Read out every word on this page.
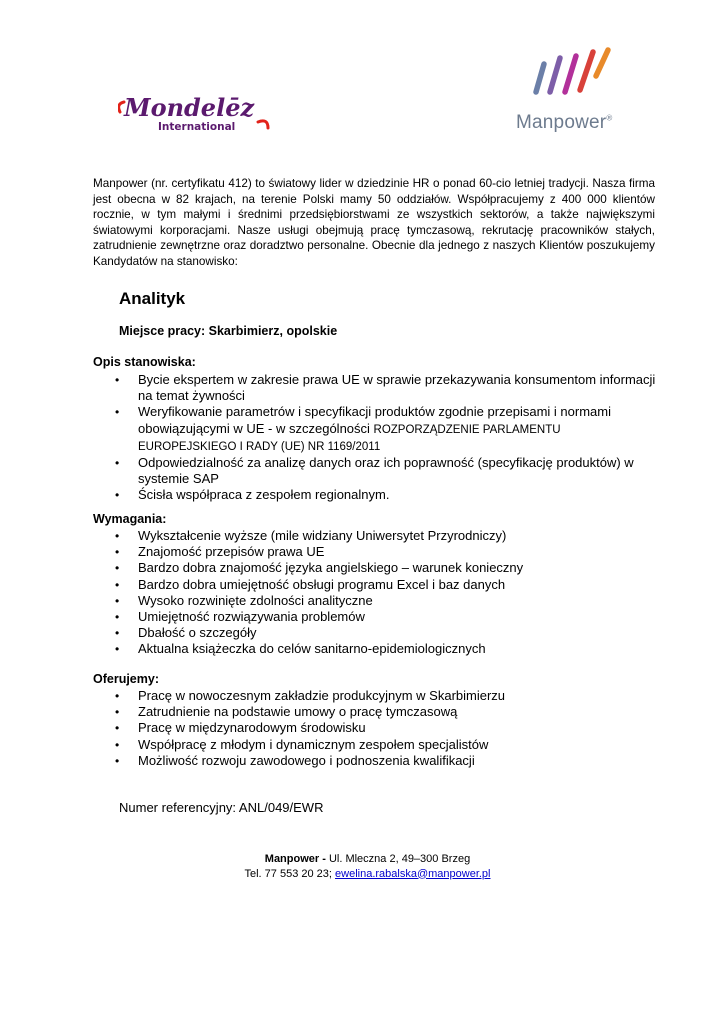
Mondelēz
International	Manpower®
Manpower (nr. certyfikatu 412) to światowy lider w dziedzinie HR o ponad 60-cio letniej tradycji. Nasza firma jest obecna w 82 krajach, na terenie Polski mamy 50 oddziałów. Współpracujemy z 400 000 klientów rocznie, w tym małymi i średnimi przedsiębiorstwami ze wszystkich sektorów, a także największymi światowymi korporacjami. Nasze usługi obejmują pracę tymczasową, rekrutację pracowników stałych, zatrudnienie zewnętrzne oraz doradztwo personalne. Obecnie dla jednego z naszych Klientów poszukujemy Kandydatów na stanowisko:
Analityk
Miejsce pracy: Skarbimierz, opolskie
Opis stanowiska:
• Bycie ekspertem w zakresie prawa UE w sprawie przekazywania konsumentom informacji na temat żywności
• Weryfikowanie parametrów i specyfikacji produktów zgodnie przepisami i normami obowiązującymi w UE - w szczególności ROZPORZĄDZENIE PARLAMENTU EUROPEJSKIEGO I RADY (UE) NR 1169/2011
• Odpowiedzialność za analizę danych oraz ich poprawność (specyfikację produktów) w systemie SAP
• Ścisła współpraca z zespołem regionalnym.
Wymagania:
• Wykształcenie wyższe (mile widziany Uniwersytet Przyrodniczy)
• Znajomość przepisów prawa UE
• Bardzo dobra znajomość języka angielskiego – warunek konieczny
• Bardzo dobra umiejętność obsługi programu Excel i baz danych
• Wysoko rozwinięte zdolności analityczne
• Umiejętność rozwiązywania problemów
• Dbałość o szczegóły
• Aktualna książeczka do celów sanitarno-epidemiologicznych
Oferujemy:
• Pracę w nowoczesnym zakładzie produkcyjnym w Skarbimierzu
• Zatrudnienie na podstawie umowy o pracę tymczasową
• Pracę w międzynarodowym środowisku
• Współpracę z młodym i dynamicznym zespołem specjalistów
• Możliwość rozwoju zawodowego i podnoszenia kwalifikacji
Numer referencyjny: ANL/049/EWR
Manpower - Ul. Mleczna 2, 49–300 Brzeg
Tel. 77 553 20 23; ewelina.rabalska@manpower.pl
